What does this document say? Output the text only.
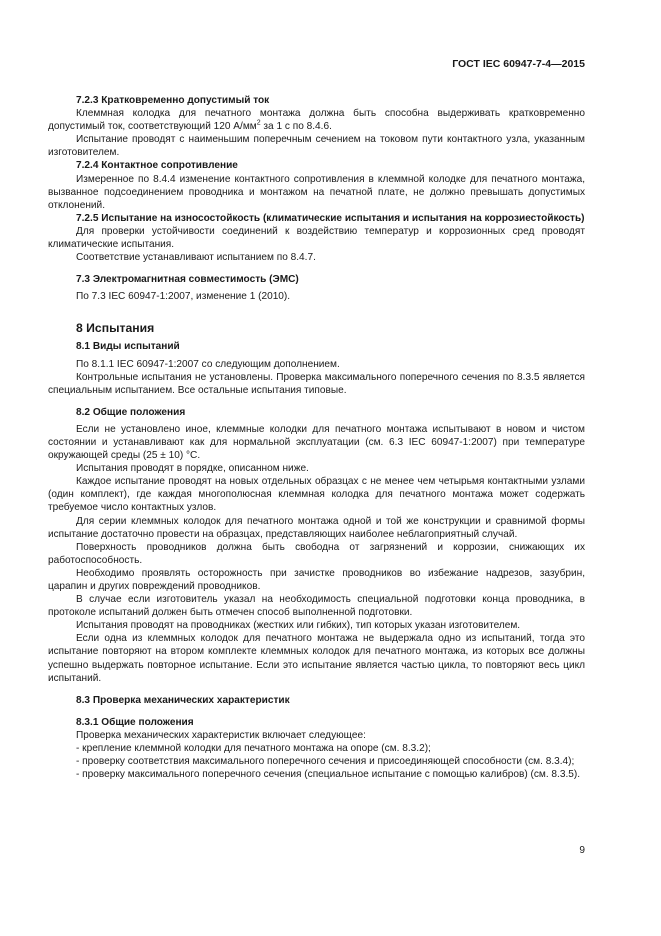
ГОСТ IEC 60947-7-4—2015

7.2.3 Кратковременно допустимый ток

Клеммная колодка для печатного монтажа должна быть способна выдерживать кратковременно допустимый ток, соответствующий 120 $А/мм^2$ за 1 с по 8.4.6.

Испытание проводят с наименьшим поперечным сечением на токовом пути контактного узла, указанным изготовителем.

7.2.4 Контактное сопротивление

Измеренное по 8.4.4 изменение контактного сопротивления в клеммной колодке для печатного монтажа, вызванное подсоединением проводника и монтажом на печатной плате, не должно превышать допустимых отклонений.

7.2.5 Испытание на износостойкость (климатические испытания и испытания на коррозиестойкость)

Для проверки устойчивости соединений к воздействию температур и коррозионных сред проводят климатические испытания.

Соответствие устанавливают испытанием по 8.4.7.

7.3 Электромагнитная совместимость (ЭМС)

По 7.3 IEC 60947-1:2007, изменение 1 (2010).

8 Испытания

8.1 Виды испытаний

По 8.1.1 IEC 60947-1:2007 со следующим дополнением.

Контрольные испытания не установлены. Проверка максимального поперечного сечения по 8.3.5 является специальным испытанием. Все остальные испытания типовые.

8.2 Общие положения

Если не установлено иное, клеммные колодки для печатного монтажа испытывают в новом и чистом состоянии и устанавливают как для нормальной эксплуатации (см. 6.3 IEC 60947-1:2007) при температуре окружающей среды (25 ± 10) °С.

Испытания проводят в порядке, описанном ниже.

Каждое испытание проводят на новых отдельных образцах с не менее чем четырьмя контактными узлами (один комплект), где каждая многополюсная клеммная колодка для печатного монтажа может содержать требуемое число контактных узлов.

Для серии клеммных колодок для печатного монтажа одной и той же конструкции и сравнимой формы испытание достаточно провести на образцах, представляющих наиболее неблагоприятный случай.

Поверхность проводников должна быть свободна от загрязнений и коррозии, снижающих их работоспособность.

Необходимо проявлять осторожность при зачистке проводников во избежание надрезов, зазубрин, царапин и других повреждений проводников.

В случае если изготовитель указал на необходимость специальной подготовки конца проводника, в протоколе испытаний должен быть отмечен способ выполненной подготовки.

Испытания проводят на проводниках (жестких или гибких), тип которых указан изготовителем.

Если одна из клеммных колодок для печатного монтажа не выдержала одно из испытаний, тогда это испытание повторяют на втором комплекте клеммных колодок для печатного монтажа, из которых все должны успешно выдержать повторное испытание. Если это испытание является частью цикла, то повторяют весь цикл испытаний.

8.3 Проверка механических характеристик

8.3.1 Общие положения

Проверка механических характеристик включает следующее:

- крепление клеммной колодки для печатного монтажа на опоре (см. 8.3.2);

- проверку соответствия максимального поперечного сечения и присоединяющей способности (см. 8.3.4);

- проверку максимального поперечного сечения (специальное испытание с помощью калибров) (см. 8.3.5).

9
